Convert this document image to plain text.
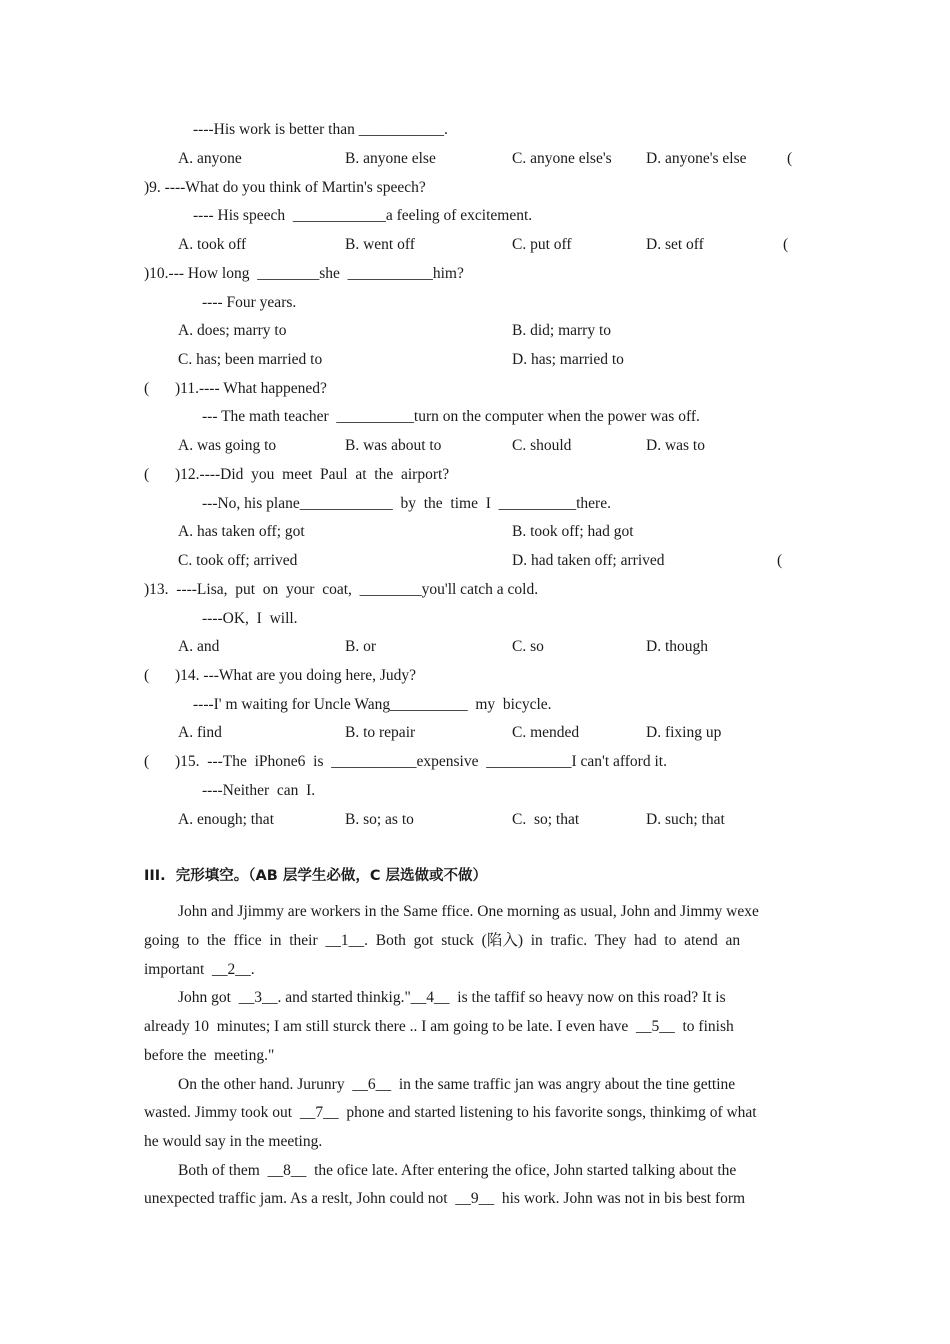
----His work is better than ___________.
A. anyone	B. anyone else	C. anyone else's D. anyone's else	(
)9. ----What do you think of Martin's speech?
---- His speech  ____________a feeling of excitement.
A. took off	B. went off	C. put off	D. set off	(
)10.--- How long  ________she  ___________him?
---- Four years.
A. does; marry to	B. did; marry to
C. has; been married to	D. has; married to
( )11.---- What happened?
--- The math teacher  __________turn on the computer when the power was off.
A. was going to	B. was about to	C. should	D. was to
( )12.----Did  you  meet  Paul  at  the  airport?
---No, his plane____________  by  the  time  I  __________there.
A. has taken off; got	B. took off; had got
C. took off; arrived	D. had taken off; arrived	(
)13.  ----Lisa,  put  on  your  coat,  ________you'll catch a cold.
----OK,  I  will.
A. and	B. or	C. so	D. though
( )14. ---What are you doing here, Judy?
----I' m waiting for Uncle Wang__________  my  bicycle.
A. find	B. to repair	C. mended	D. fixing up
( )15.  ---The  iPhone6  is  ___________expensive  ___________I can't afford it.
----Neither  can  I.
A. enough; that	B. so; as to	C.  so; that	D. such; that
III.  完形填空。（AB 层学生必做，C 层选做或不做）
John and Jjimmy are workers in the Same ffice. One morning as usual, John and Jimmy wexe
going  to  the  ffice  in  their  __1__.  Both  got  stuck  (陷入)  in  trafic.  They  had  to  atend  an
important  __2__.
John got  __3__. and started thinkig."__4__  is the taffif so heavy now on this road? It is
already 10  minutes; I am still sturck there .. I am going to be late. I even have  __5__  to finish
before the  meeting."
On the other hand. Jurunry  __6__  in the same traffic jan was angry about the tine gettine
wasted. Jimmy took out  __7__  phone and started listening to his favorite songs, thinkimg of what
he would say in the meeting.
Both of them  __8__  the ofice late. After entering the ofice, John started talking about the
unexpected traffic jam. As a reslt, John could not  __9__  his work. John was not in bis best form
